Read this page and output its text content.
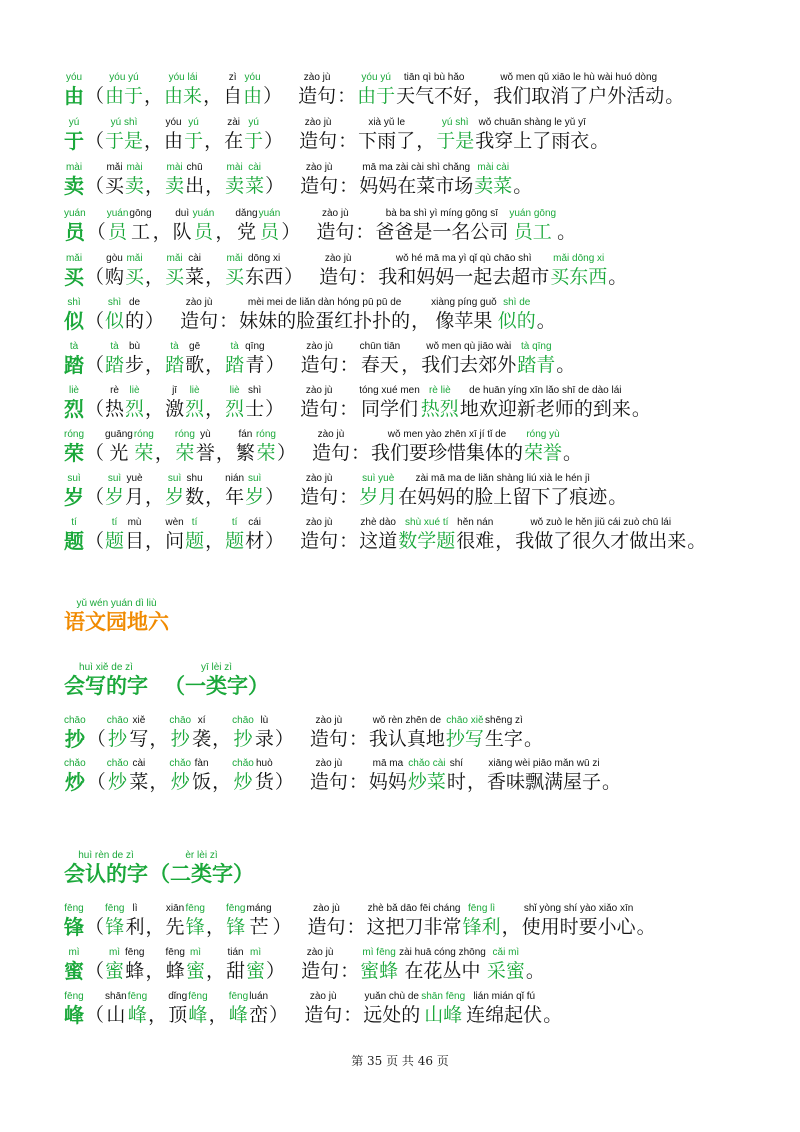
yóu
由 （
yóu yú
由于 ，
yóu lái
由来 ，
zì
自
yóu
由 ）
zào jù
造句 ：
yóu yú
由于
tiān qì bù hǎo
天气不好 ，
wǒ men qǔ xiāo le hù wài huó dòng
我们取消了户外活动 。
yú
于 （
yú shì
于是 ，
yóu
由
yú
于 ，
zài
在
yú
于 ）
zào jù
造句 ：
xià yǔ le
下雨了 ，
yú shì
于是
wǒ chuān shàng le yǔ yī
我穿上了雨衣 。
mài
卖 （
mǎi
买
mài
卖 ，
mài
卖
chū
出 ，
mài
卖
cài
菜 ）
zào jù
造句 ：
mā ma zài cài shì chǎng
妈妈在菜市场
mài cài
卖菜 。
yuán
员 （
yuán
员
gōng
工 ，
duì
队
yuán
员 ，
dǎng
党
yuán
员 ）
zào jù
造句 ：
bà ba shì yì míng gōng sī
爸爸是一名公司
yuán gōng
员工 。
mǎi
买 （
gòu
购
mǎi
买 ，
mǎi
买
cài
菜 ，
mǎi
买
dōng xi
东西 ）
zào jù
造句 ：
wǒ hé mā ma yì qǐ qù chāo shì
我和妈妈一起去超市
mǎi dōng xi
买东西 。
shì
似 （
shì
似
de
的 ）
zào jù
造句 ：
mèi mei de liǎn dàn hóng pū pū de
妹妹的脸蛋红扑扑的 ，
xiàng píng guǒ
像苹果
shì de
似的 。
tà
踏 （
tà
踏
bù
步 ，
tà
踏
gē
歌 ，
tà
踏
qīng
青 ）
zào jù
造句 ：
chūn tiān
春天 ，
wǒ men qù jiāo wài
我们去郊外
tà qīng
踏青 。
liè
烈 （
rè
热
liè
烈 ，
jī
激
liè
烈 ，
liè
烈
shì
士 ）
zào jù
造句 ：
tóng xué men
同学们
rè liè
热烈
de huān yíng xīn lǎo shī de dào lái
地欢迎新老师的到来 。
róng
荣 （
guāng
光
róng
荣 ，
róng
荣
yù
誉 ，
fán
繁
róng
荣 ）
zào jù
造句 ：
wǒ men yào zhēn xī jí tǐ de
我们要珍惜集体的
róng yù
荣誉 。
suì
岁 （
suì
岁
yuè
月 ，
suì
岁
shu
数 ，
nián
年
suì
岁 ）
zào jù
造句 ：
suì yuè
岁月
zài mā ma de liǎn shàng liú xià le hén jì
在妈妈的脸上留下了痕迹 。
tí
题 （
tí
题
mù
目 ，
wèn
问
tí
题 ，
tí
题
cái
材 ）
zào jù
造句 ：
zhè dào
这道
shù xué tí
数学题
hěn nán
很难 ，
wǒ zuò le hěn jiǔ cái zuò chū lái
我做了很久才做出来 。
yǔ wén yuán dì liù
语文园地六
huì xiě de zì
会写的字
yī lèi zì
（一类字）
chāo
抄 （
chāo
抄
xiě
写 ，
chāo
抄
xí
袭 ，
chāo
抄
lù
录 ）
zào jù
造句 ：
wǒ rèn zhēn de
我认真地
chāo xiě
抄写
shēng zì
生字 。
chǎo
炒 （
chǎo
炒
cài
菜 ，
chǎo
炒
fàn
饭 ，
chǎo
炒
huò
货 ）
zào jù
造句 ：
mā ma
妈妈
chǎo cài
炒菜
shí
时 ，
xiāng wèi piāo mǎn wū zi
香味飘满屋子 。
huì rèn de zì
会认的字
èr lèi zì
（二类字）
fēng
锋 （
fēng
锋
lì
利 ，
xiān
先
fēng
锋 ，
fēng
锋
máng
芒 ）
zào jù
造句 ：
zhè bǎ dāo fēi cháng
这把刀非常
fēng lì
锋利 ，
shǐ yòng shí yào xiǎo xīn
使用时要小心 。
mì
蜜 （
mì
蜜
fēng
蜂 ，
fēng
蜂
mì
蜜 ，
tián
甜
mì
蜜 ）
zào jù
造句 ：
mì fēng
蜜蜂
zài huā cóng zhōng
在花丛中
cǎi mì
采蜜 。
fēng
峰 （
shān
山
fēng
峰 ，
dǐng
顶
fēng
峰 ，
fēng
峰
luán
峦 ）
zào jù
造句 ：
yuǎn chù de
远处的
shān fēng
山峰
lián mián qǐ fú
连绵起伏 。
第 35 页 共 46 页
